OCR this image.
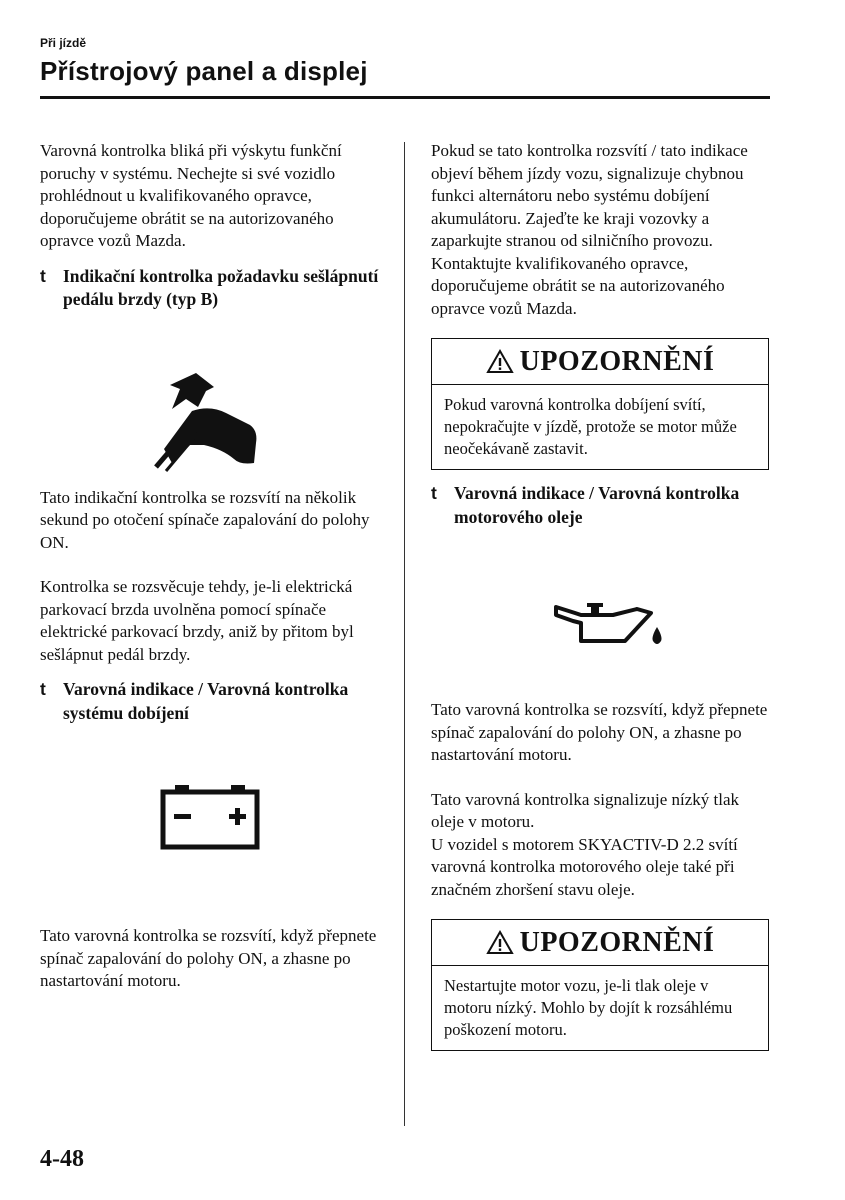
Při jízdě
Přístrojový panel a displej

Varovná kontrolka bliká při výskytu funkční poruchy v systému. Nechejte si své vozidlo prohlédnout u kvalifikovaného opravce, doporučujeme obrátit se na autorizovaného opravce vozů Mazda.

t Indikační kontrolka požadavku sešlápnutí pedálu brzdy (typ B)

Tato indikační kontrolka se rozsvítí na několik sekund po otočení spínače zapalování do polohy ON.

Kontrolka se rozsvěcuje tehdy, je-li elektrická parkovací brzda uvolněna pomocí spínače elektrické parkovací brzdy, aniž by přitom byl sešlápnut pedál brzdy.

t Varovná indikace / Varovná kontrolka systému dobíjení

Tato varovná kontrolka se rozsvítí, když přepnete spínač zapalování do polohy ON, a zhasne po nastartování motoru.

Pokud se tato kontrolka rozsvítí / tato indikace objeví během jízdy vozu, signalizuje chybnou funkci alternátoru nebo systému dobíjení akumulátoru. Zajeďte ke kraji vozovky a zaparkujte stranou od silničního provozu. Kontaktujte kvalifikovaného opravce, doporučujeme obrátit se na autorizovaného opravce vozů Mazda.

UPOZORNĚNÍ
Pokud varovná kontrolka dobíjení svítí, nepokračujte v jízdě, protože se motor může neočekávaně zastavit.
t Varovná indikace / Varovná kontrolka motorového oleje

Tato varovná kontrolka se rozsvítí, když přepnete spínač zapalování do polohy ON, a zhasne po nastartování motoru.

Tato varovná kontrolka signalizuje nízký tlak oleje v motoru.

U vozidel s motorem SKYACTIV-D 2.2 svítí varovná kontrolka motorového oleje také při značném zhoršení stavu oleje.

UPOZORNĚNÍ
Nestartujte motor vozu, je-li tlak oleje v motoru nízký. Mohlo by dojít k rozsáhlému poškození motoru.
4-48
